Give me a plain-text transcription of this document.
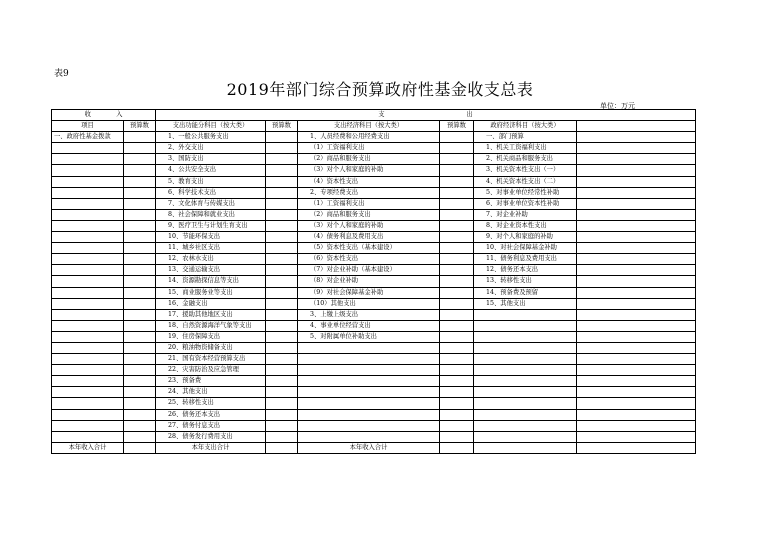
表9
2019年部门综合预算政府性基金收支总表
单位：万元
收　　　　入		支　　　　　　　　　　　　　出					
项目	预算数	支出功能分科目（按大类）	预算数	支出经济科目（按大类）	预算数	政府经济科目（按大类）	
一、政府性基金拨款		1、一般公共服务支出		1、人员经费和公用经费支出		一、部门预算	
		2、外交支出		（1）工资福利支出		1、机关工资福利支出	
		3、国防支出		（2）商品和服务支出		2、机关商品和服务支出	
		4、公共安全支出		（3）对个人和家庭的补助		3、机关资本性支出（一）	
		5、教育支出		（4）资本性支出		4、机关资本性支出（二）	
		6、科学技术支出		2、专项经费支出		5、对事业单位经常性补助	
		7、文化体育与传媒支出		（1）工资福利支出		6、对事业单位资本性补助	
		8、社会保障和就业支出		（2）商品和服务支出		7、对企业补助	
		9、医疗卫生与计划生育支出		（3）对个人和家庭的补助		8、对企业资本性支出	
		10、节能环保支出		（4）债务利息及费用支出		9、对个人和家庭的补助	
		11、城乡社区支出		（5）资本性支出（基本建设）		10、对社会保障基金补助	
		12、农林水支出		（6）资本性支出		11、债务利息及费用支出	
		13、交通运输支出		（7）对企业补助（基本建设）		12、债务还本支出	
		14、资源勘探信息等支出		（8）对企业补助		13、转移性支出	
		15、商业服务业等支出		（9）对社会保障基金补助		14、预备费及预留	
		16、金融支出		（10）其他支出		15、其他支出	
		17、援助其他地区支出		3、上缴上级支出			
		18、自然资源海洋气象等支出		4、事业单位经营支出			
		19、住房保障支出		5、对附属单位补助支出			
		20、粮油物资储备支出					
		21、国有资本经营预算支出					
		22、灾害防治及应急管理					
		23、预备费					
		24、其他支出					
		25、转移性支出					
		26、债务还本支出					
		27、债务付息支出					
		28、债务发行费用支出					
本年收入合计		本年支出合计		本年收入合计			
